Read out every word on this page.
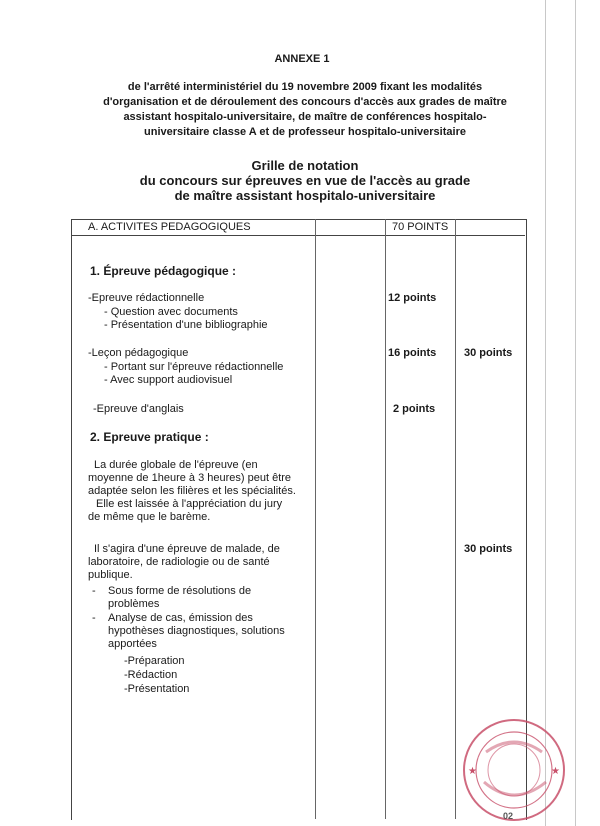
ANNEXE 1
de l'arrêté interministériel du 19 novembre 2009 fixant les modalités
d'organisation et de déroulement des concours d'accès aux grades de maître
assistant hospitalo-universitaire, de maître de conférences hospitalo-
universitaire classe A et de professeur hospitalo-universitaire
Grille de notation
du concours sur épreuves en vue de l'accès au grade
de maître assistant hospitalo-universitaire
A. ACTIVITES PEDAGOGIQUES	70 POINTS
1. Épreuve pédagogique :
-Epreuve rédactionnelle
- Question avec documents
- Présentation d'une bibliographie
12 points
-Leçon pédagogique
- Portant sur l'épreuve rédactionnelle
- Avec support audiovisuel
16 points	30 points
-Epreuve d'anglais	2 points
2. Epreuve pratique :
La durée globale de l'épreuve (en
moyenne de 1heure à 3 heures) peut être
adaptée selon les filières et les spécialités.
Elle est laissée à l'appréciation du jury
de même que le barème.
Il s'agira d'une épreuve de malade, de
laboratoire, de radiologie ou de santé
publique.
30 points
- Sous forme de résolutions de
problèmes
- Analyse de cas, émission des
hypothèses diagnostiques, solutions
apportées
-Préparation
-Rédaction
-Présentation
★	★
02
